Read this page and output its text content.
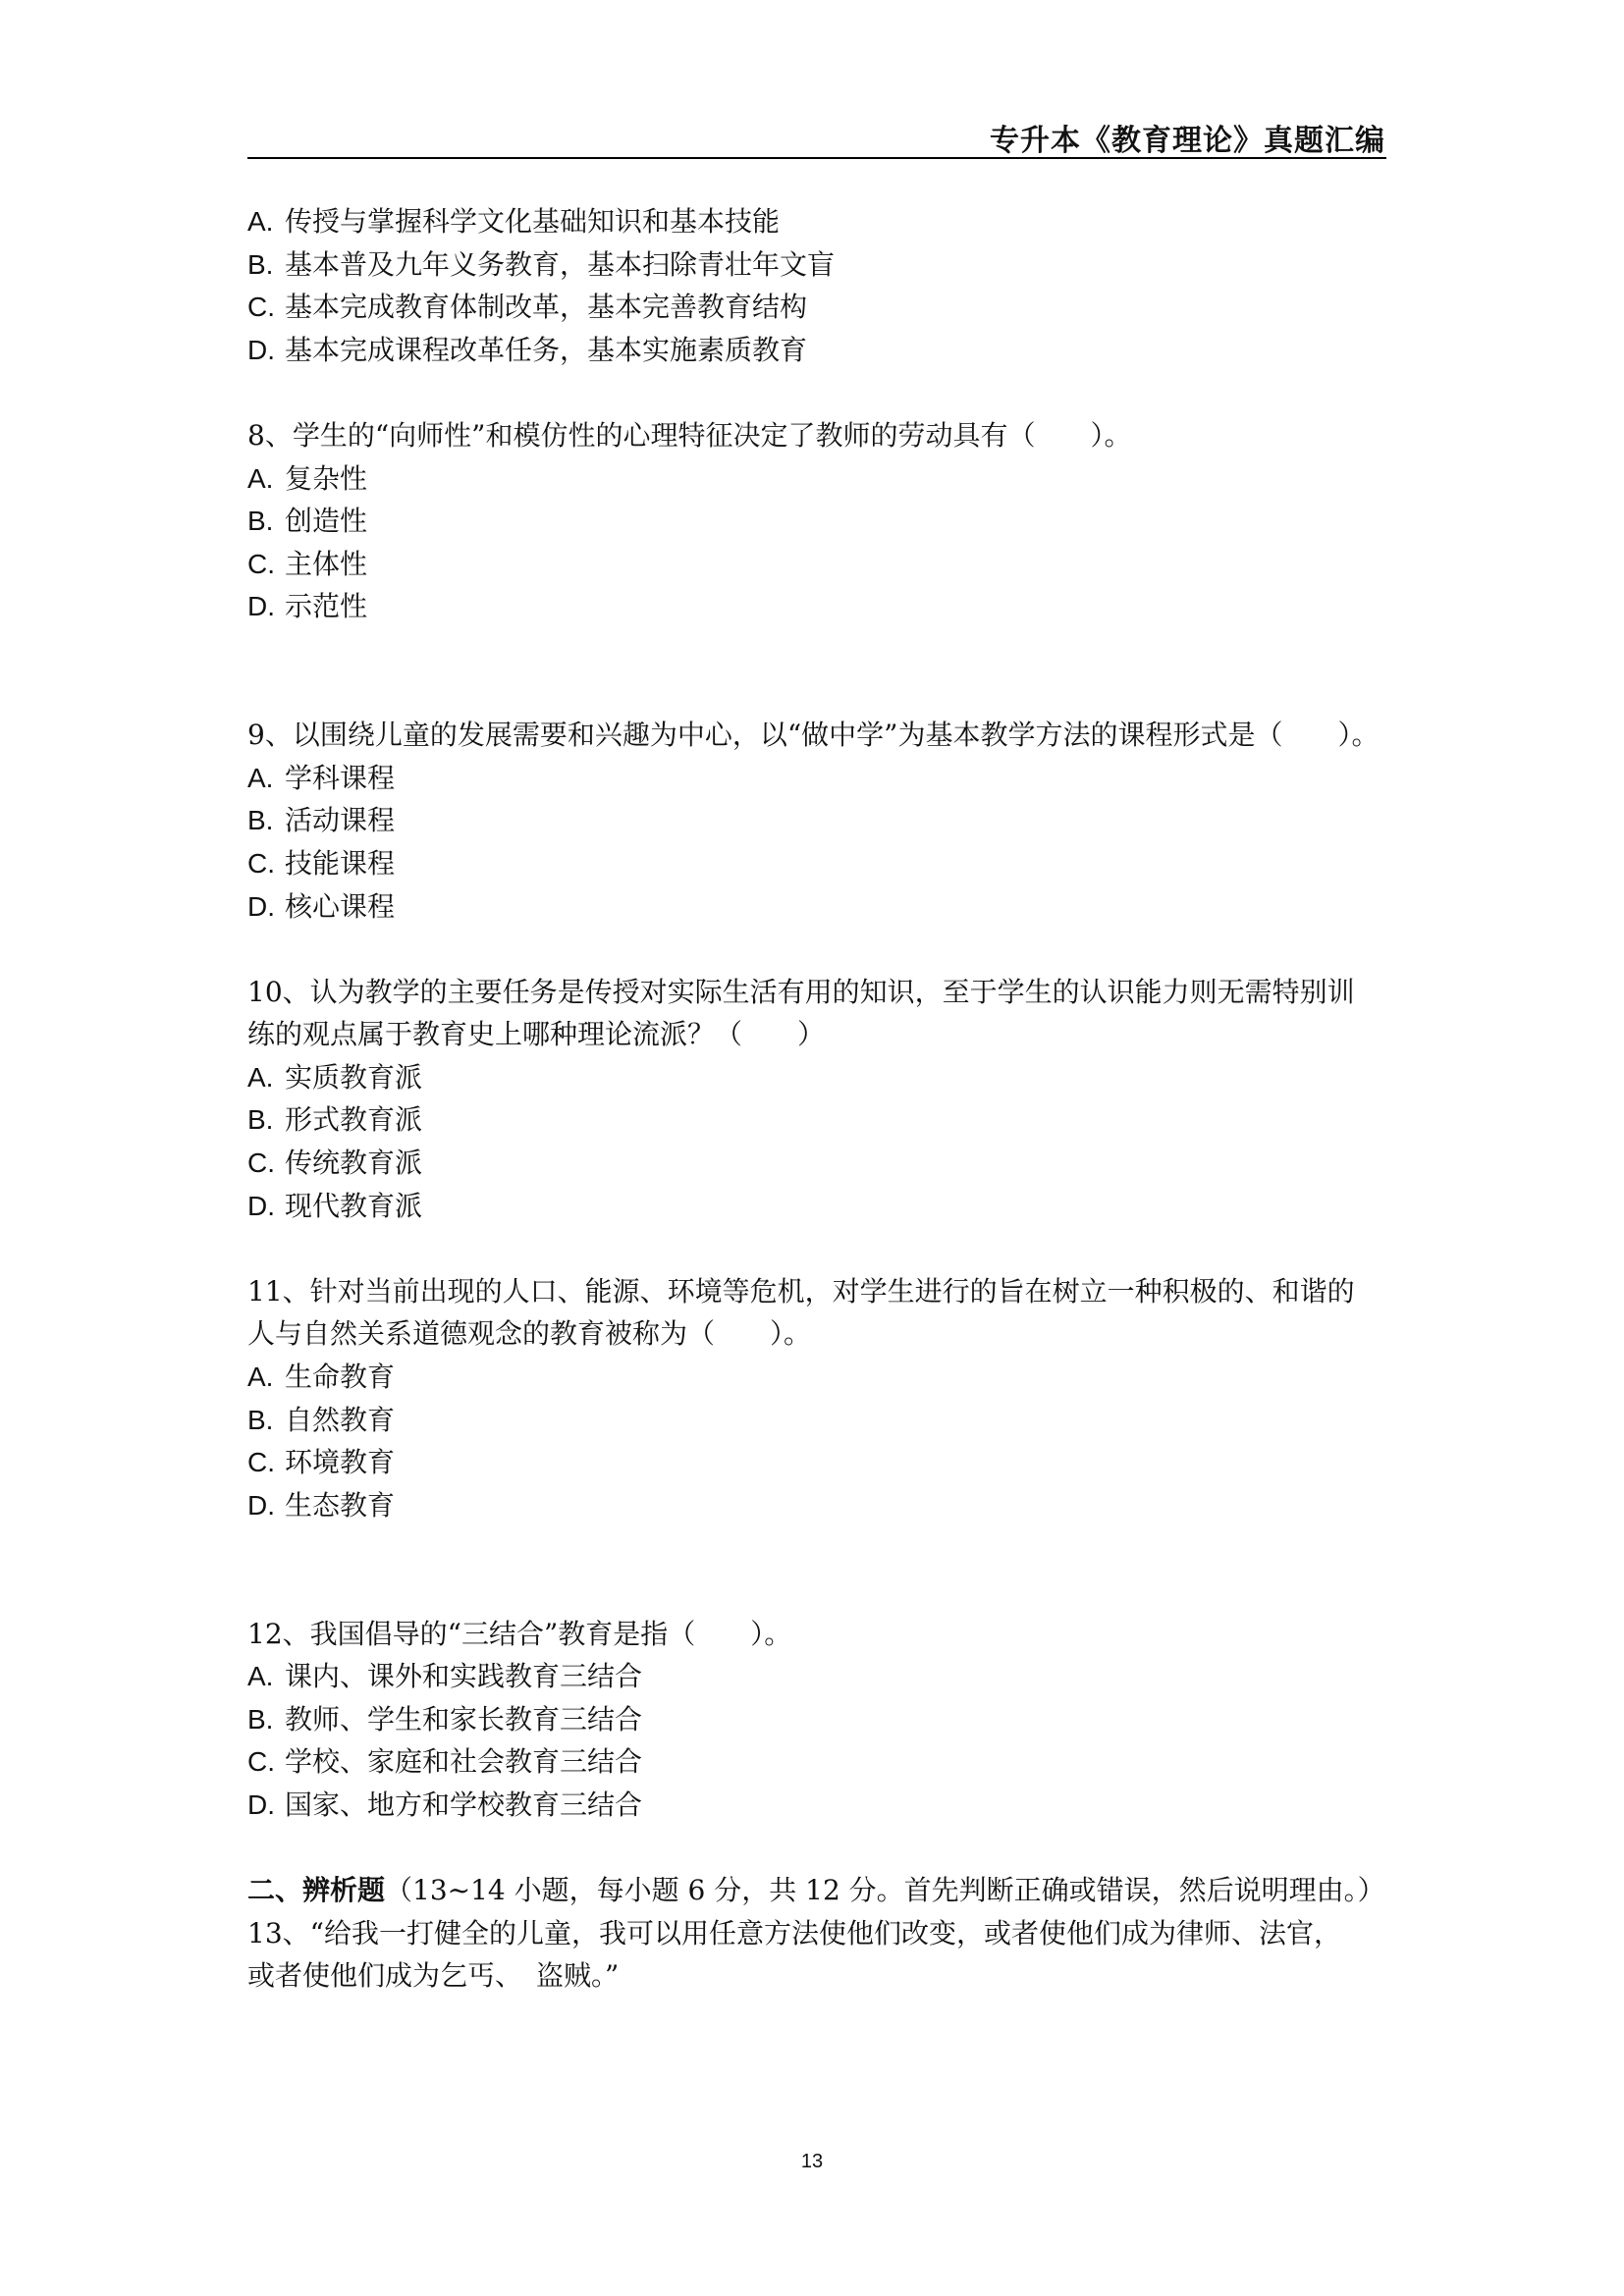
专升本《教育理论》真题汇编
A. 传授与掌握科学文化基础知识和基本技能
B. 基本普及九年义务教育，基本扫除青壮年文盲
C. 基本完成教育体制改革，基本完善教育结构
D. 基本完成课程改革任务，基本实施素质教育
8、学生的“向师性”和模仿性的心理特征决定了教师的劳动具有（　　）。
A. 复杂性
B. 创造性
C. 主体性
D. 示范性
9、以围绕儿童的发展需要和兴趣为中心，以“做中学”为基本教学方法的课程形式是（　　）。
A. 学科课程
B. 活动课程
C. 技能课程
D. 核心课程
10、认为教学的主要任务是传授对实际生活有用的知识，至于学生的认识能力则无需特别训
练的观点属于教育史上哪种理论流派？（　　）
A. 实质教育派
B. 形式教育派
C. 传统教育派
D. 现代教育派
11、针对当前出现的人口、能源、环境等危机，对学生进行的旨在树立一种积极的、和谐的
人与自然关系道德观念的教育被称为（　　）。
A. 生命教育
B. 自然教育
C. 环境教育
D. 生态教育
12、我国倡导的“三结合”教育是指（　　）。
A. 课内、课外和实践教育三结合
B. 教师、学生和家长教育三结合
C. 学校、家庭和社会教育三结合
D. 国家、地方和学校教育三结合
二、辨析题（13~14 小题，每小题 6 分，共 12 分。首先判断正确或错误，然后说明理由。）
13、“给我一打健全的儿童，我可以用任意方法使他们改变，或者使他们成为律师、法官，
或者使他们成为乞丐、　盗贼。”
13
